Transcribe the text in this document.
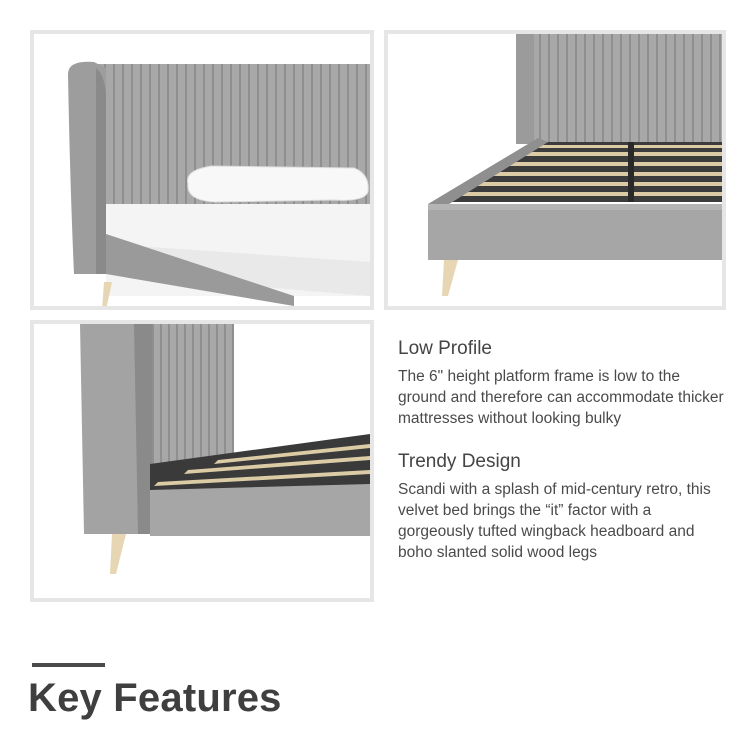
Low Profile

The 6" height platform frame is low to the ground and therefore can accommodate thicker mattresses without looking bulky

Trendy Design

Scandi with a splash of mid-century retro, this velvet bed brings the “it” factor with a gorgeously tufted wingback headboard and boho slanted solid wood legs

Key Features
